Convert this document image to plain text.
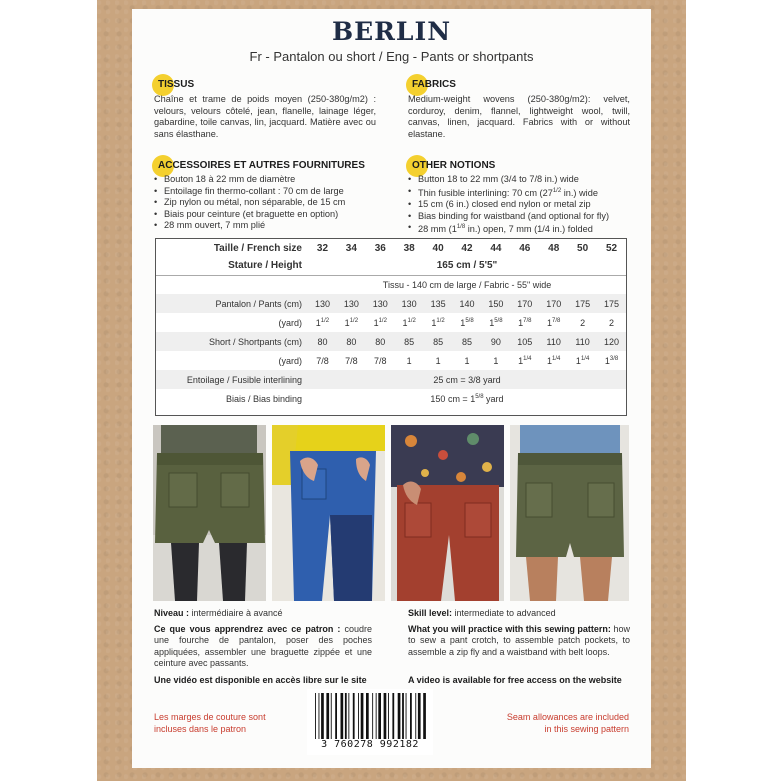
BERLIN
Fr - Pantalon ou short / Eng - Pants or shortpants
TISSUS
Chaîne et trame de poids moyen (250-380g/m2) : velours, velours côtelé, jean, flanelle, lainage léger, gabardine, toile canvas, lin, jacquard. Matière avec ou sans élasthane.
FABRICS
Medium-weight wovens (250-380g/m2): velvet, corduroy, denim, flannel, lightweight wool, twill, canvas, linen, jacquard. Fabrics with or without elastane.
ACCESSOIRES ET AUTRES FOURNITURES
• Bouton 18 à 22 mm de diamètre
• Entoilage fin thermo-collant : 70 cm de large
• Zip nylon ou métal, non séparable, de 15 cm
• Biais pour ceinture (et braguette en option)
• 28 mm ouvert, 7 mm plié
OTHER NOTIONS
• Button 18 to 22 mm (3/4 to 7/8 in.) wide
• Thin fusible interlining: 70 cm ($27^{1/2}$ in.) wide
• 15 cm (6 in.) closed end nylon or metal zip
• Bias binding for waistband (and optional for fly)
• 28 mm ($1^{1/8}$ in.) open, 7 mm (1/4 in.) folded
Taille / French size	32	34	36	38	40	42	44	46	48	50	52
Stature / Height	165 cm / 5'5"										
	Tissu - 140 cm de large / Fabric - 55" wide										
Pantalon / Pants (cm)	130	130	130	130	135	140	150	170	170	175	175
(yard)	$1^{1/2}$	$1^{1/2}$	$1^{1/2}$	$1^{1/2}$	$1^{1/2}$	$1^{5/8}$	$1^{5/8}$	$1^{7/8}$	$1^{7/8}$	2	2
Short / Shortpants (cm)	80	80	80	85	85	85	90	105	110	110	120
(yard)	7/8	7/8	7/8	1	1	1	1	$1^{1/4}$	$1^{1/4}$	$1^{1/4}$	$1^{3/8}$
Entoilage / Fusible interlining	25 cm = 3/8 yard										
Biais / Bias binding	150 cm = $1^{5/8}$ yard										
Niveau : intermédiaire à avancé
Ce que vous apprendrez avec ce patron : coudre une fourche de pantalon, poser des poches appliquées, assembler une braguette zippée et une ceinture avec passants.
Une vidéo est disponible en accès libre sur le site
Skill level: intermediate to advanced
What you will practice with this sewing pattern: how to sew a pant crotch, to assemble patch pockets, to assemble a zip fly and a waistband with belt loops.
A video is available for free access on the website
Les marges de couture sont
incluses dans le patron
Seam allowances are included
in this sewing pattern
3 760278 992182
